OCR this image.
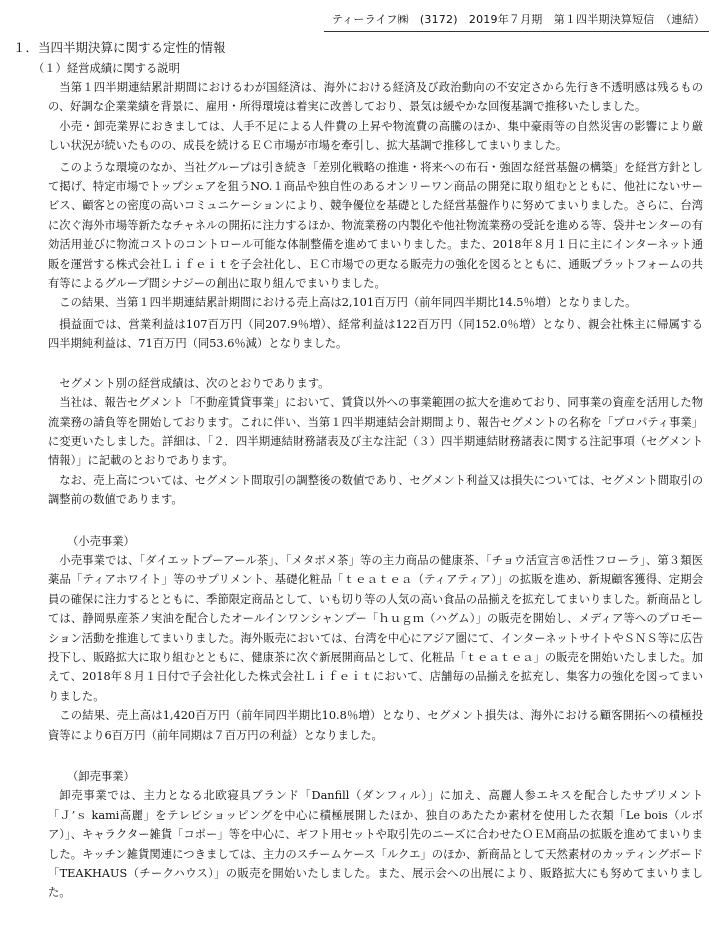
ティーライフ㈱　(3172)　2019年７月期　第１四半期決算短信　（連結）
１．当四半期決算に関する定性的情報
（１）経営成績に関する説明

当第１四半期連結累計期間におけるわが国経済は、海外における経済及び政治動向の不安定さから先行き不透明感は残るものの、好調な企業業績を背景に、雇用・所得環境は着実に改善しており、景気は緩やかな回復基調で推移いたしました。

小売・卸売業界におきましては、人手不足による人件費の上昇や物流費の高騰のほか、集中豪雨等の自然災害の影響により厳しい状況が続いたものの、成長を続けるＥＣ市場が市場を牽引し、拡大基調で推移してまいりました。

このような環境のなか、当社グループは引き続き「差別化戦略の推進・将来への布石・強固な経営基盤の構築」を経営方針として掲げ、特定市場でトップシェアを狙うNO.１商品や独自性のあるオンリーワン商品の開発に取り組むとともに、他社にないサービス、顧客との密度の高いコミュニケーションにより、競争優位を基礎とした経営基盤作りに努めてまいりました。さらに、台湾に次ぐ海外市場等新たなチャネルの開拓に注力するほか、物流業務の内製化や他社物流業務の受託を進める等、袋井センターの有効活用並びに物流コストのコントロール可能な体制整備を進めてまいりました。また、2018年８月１日に主にインターネット通販を運営する株式会社Ｌｉｆｅｉｔを子会社化し、ＥＣ市場での更なる販売力の強化を図るとともに、通販プラットフォームの共有等によるグループ間シナジーの創出に取り組んでまいりました。

この結果、当第１四半期連結累計期間における売上高は2,101百万円（前年同四半期比14.5％増）となりました。

損益面では、営業利益は107百万円（同207.9％増）、経常利益は122百万円（同152.0％増）となり、親会社株主に帰属する四半期純利益は、71百万円（同53.6％減）となりました。

セグメント別の経営成績は、次のとおりであります。

当社は、報告セグメント「不動産賃貸事業」において、賃貸以外への事業範囲の拡大を進めており、同事業の資産を活用した物流業務の請負等を開始しております。これに伴い、当第１四半期連結会計期間より、報告セグメントの名称を「プロパティ事業」に変更いたしました。詳細は、「２．四半期連結財務諸表及び主な注記（３）四半期連結財務諸表に関する注記事項（セグメント情報）」に記載のとおりであります。

なお、売上高については、セグメント間取引の調整後の数値であり、セグメント利益又は損失については、セグメント間取引の調整前の数値であります。

（小売事業）

小売事業では、「ダイエットプーアール茶」、「メタボメ茶」等の主力商品の健康茶、「チョウ活宣言®活性フローラ」、第３類医薬品「ティアホワイト」等のサプリメント、基礎化粧品「ｔｅａｔｅａ（ティアティア）」の拡販を進め、新規顧客獲得、定期会員の確保に注力するとともに、季節限定商品として、いも切り等の人気の高い食品の品揃えを拡充してまいりました。新商品としては、静岡県産茶ノ実油を配合したオールインワンシャンプー「ｈｕｇｍ（ハグム）」の販売を開始し、メディア等へのプロモーション活動を推進してまいりました。海外販売においては、台湾を中心にアジア圏にて、インターネットサイトやＳＮＳ等に広告投下し、販路拡大に取り組むとともに、健康茶に次ぐ新展開商品として、化粧品「ｔｅａｔｅａ」の販売を開始いたしました。加えて、2018年８月１日付で子会社化した株式会社Ｌｉｆｅｉｔにおいて、店舗毎の品揃えを拡充し、集客力の強化を図ってまいりました。

この結果、売上高は1,420百万円（前年同四半期比10.8％増）となり、セグメント損失は、海外における顧客開拓への積極投資等により6百万円（前年同期は７百万円の利益）となりました。

（卸売事業）

卸売事業では、主力となる北欧寝具ブランド「Danfill（ダンフィル）」に加え、高麗人参エキスを配合したサプリメント「Ｊ’ｓ kami高麗」をテレビショッピングを中心に積極展開したほか、独自のあたたか素材を使用した衣類「Le bois（ルボア）」、キャラクター雑貨「コポー」等を中心に、ギフト用セットや取引先のニーズに合わせたＯＥＭ商品の拡販を進めてまいりました。キッチン雑貨関連につきましては、主力のスチームケース「ルクエ」のほか、新商品として天然素材のカッティングボード「TEAKHAUS（チークハウス）」の販売を開始いたしました。また、展示会への出展により、販路拡大にも努めてまいりました。
